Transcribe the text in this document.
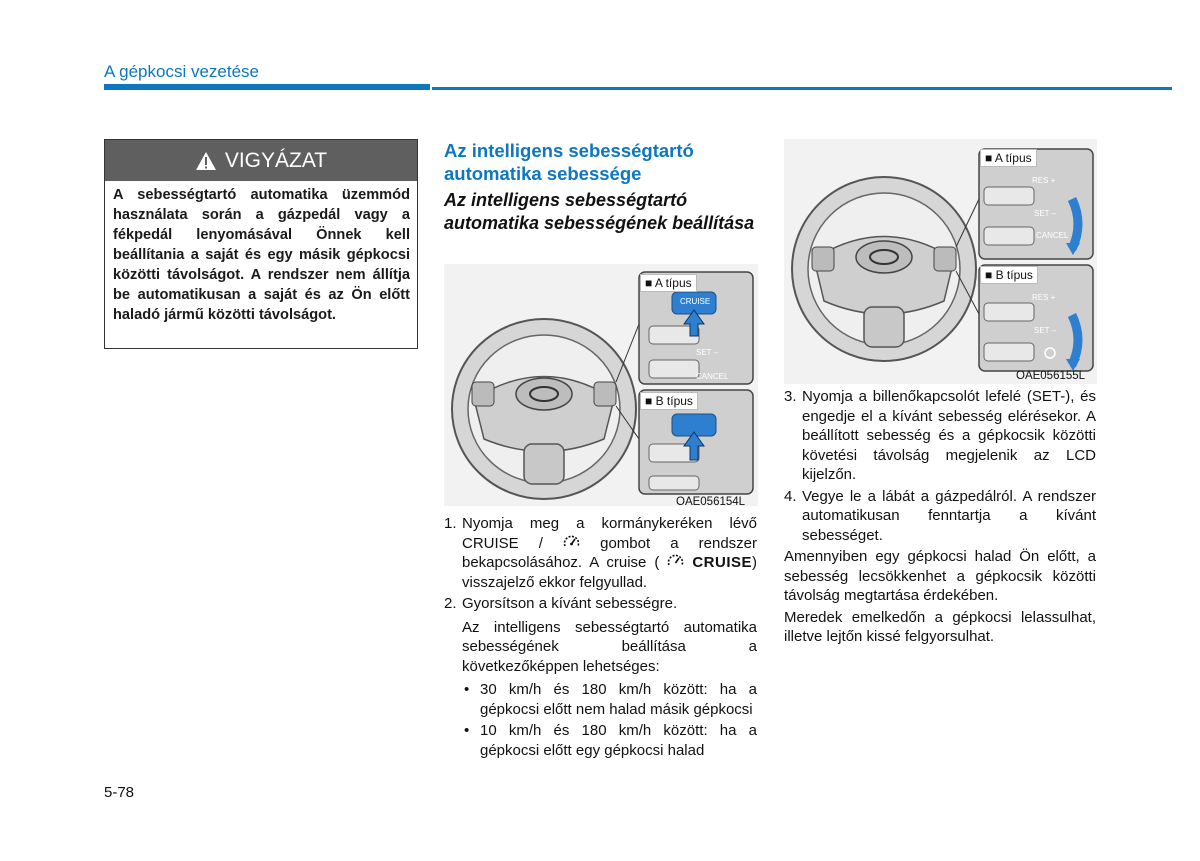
A gépkocsi vezetése
VIGYÁZAT
A sebességtartó automatika üzemmód használata során a gázpedál vagy a fékpedál lenyomásával Önnek kell beállítania a saját és egy másik gépkocsi közötti távolságot. A rendszer nem állítja be automatikusan a saját és az Ön előtt haladó jármű közötti távolságot.
Az intelligens sebességtartó automatika sebessége
Az intelligens sebességtartó automatika sebességének beállítása
■ A típus
■ B típus
CRUISE
SET –
CANCEL
OAE056154L
1. Nyomja meg a kormánykeréken lévő CRUISE /	gombot a rendszer bekapcsolásához. A cruise ( CRUISE) visszajelző ekkor felgyullad.
2. Gyorsítson a kívánt sebességre.
Az intelligens sebességtartó automatika sebességének beállítása a következőképpen lehetséges:
• 30 km/h és 180 km/h között: ha a gépkocsi előtt nem halad másik gépkocsi
• 10 km/h és 180 km/h között: ha a gépkocsi előtt egy gépkocsi halad
■ A típus
■ B típus
RES +
SET –
CANCEL
RES +
SET –
OAE056155L
3. Nyomja a billenőkapcsolót lefelé (SET-), és engedje el a kívánt sebesség elérésekor. A beállított sebesség és a gépkocsik közötti követési távolság megjelenik az LCD kijelzőn.
4. Vegye le a lábát a gázpedálról. A rendszer automatikusan fenntartja a kívánt sebességet.
Amennyiben egy gépkocsi halad Ön előtt, a sebesség lecsökkenhet a gépkocsik közötti távolság megtartása érdekében.
Meredek emelkedőn a gépkocsi lelassulhat, illetve lejtőn kissé felgyorsulhat.
5-78
